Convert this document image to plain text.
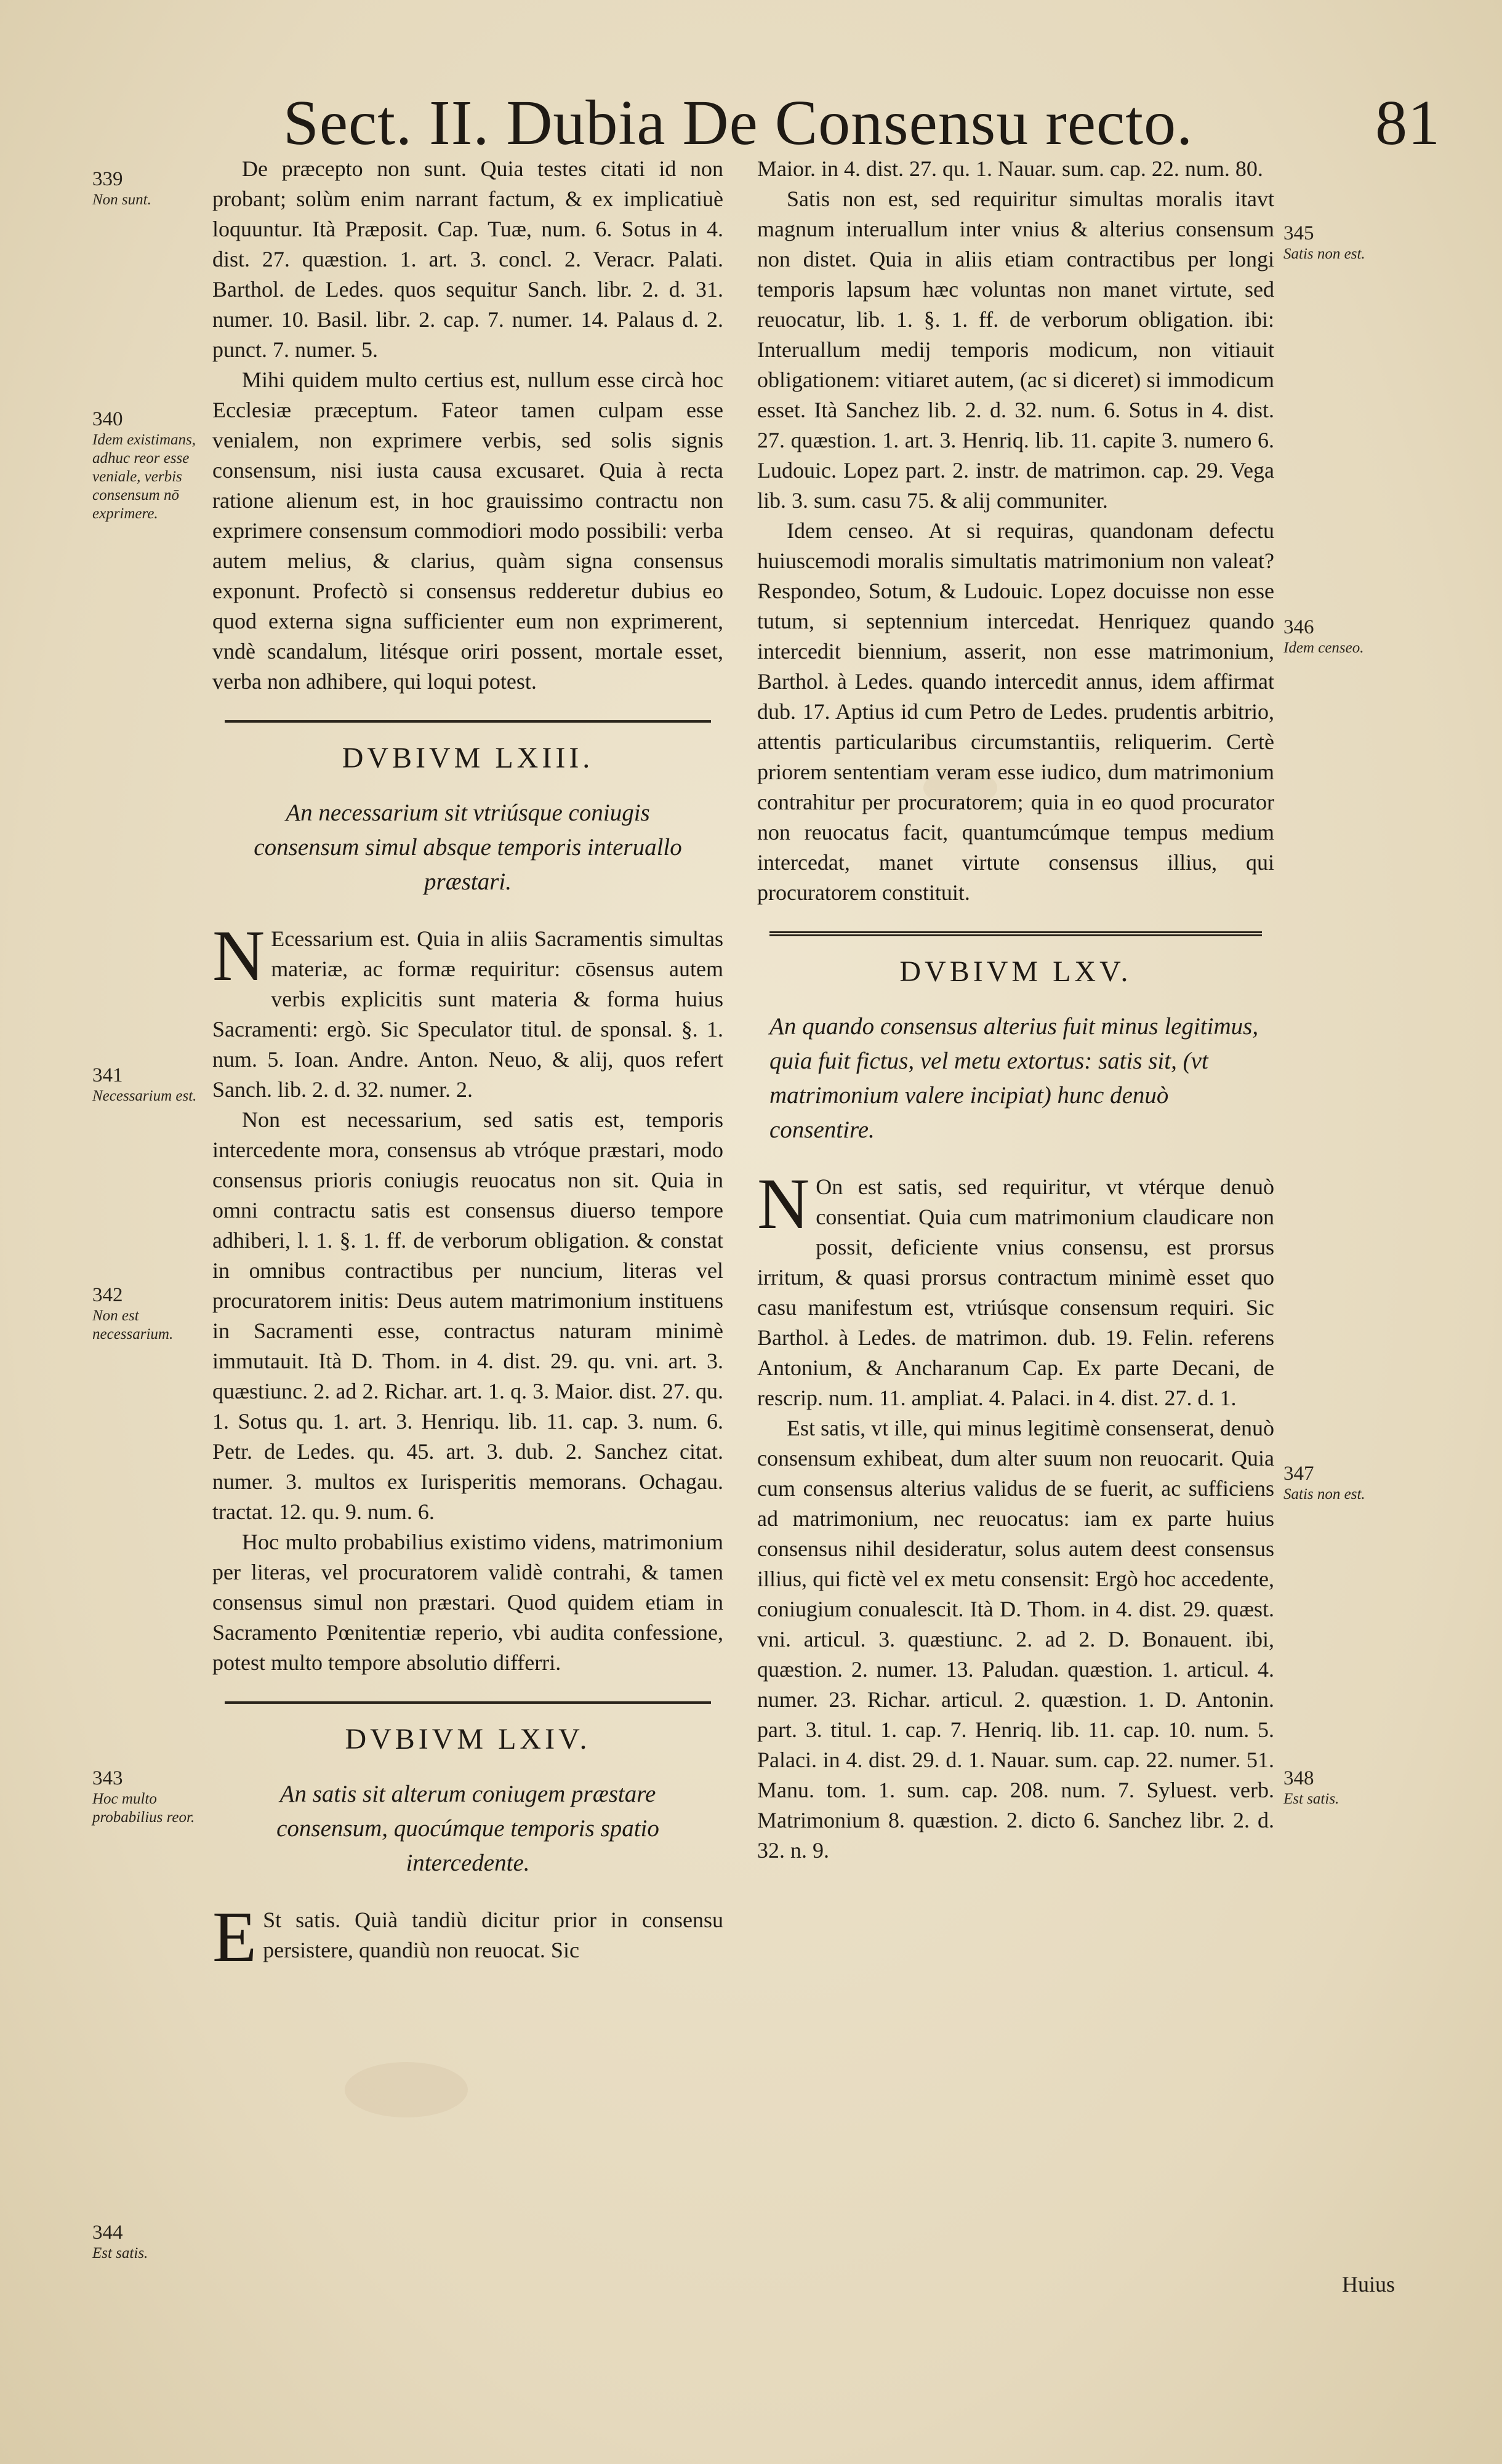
Sect. II. Dubia De Consensu recto.	81
339
Non sunt.
340
Idem existimans, adhuc reor esse veniale, verbis consensum nō exprimere.
341
Necessarium est.
342
Non est necessarium.
343
Hoc multo probabilius reor.
344
Est satis.
345
Satis non est.
346
Idem censeo.
347
Satis non est.
348
Est satis.

De præcepto non sunt. Quia testes citati id non probant; solùm enim narrant factum, & ex implicatiuè loquuntur. Ità Præposit. Cap. Tuæ, num. 6. Sotus in 4. dist. 27. quæstion. 1. art. 3. concl. 2. Veracr. Palati. Barthol. de Ledes. quos sequitur Sanch. libr. 2. d. 31. numer. 10. Basil. libr. 2. cap. 7. numer. 14. Palaus d. 2. punct. 7. numer. 5.

Mihi quidem multo certius est, nullum esse circà hoc Ecclesiæ præceptum. Fateor tamen culpam esse venialem, non exprimere verbis, sed solis signis consensum, nisi iusta causa excusaret. Quia à recta ratione alienum est, in hoc grauissimo contractu non exprimere consensum commodiori modo possibili: verba autem melius, & clarius, quàm signa consensus exponunt. Profectò si consensus redderetur dubius eo quod externa signa sufficienter eum non exprimerent, vndè scandalum, litésque oriri possent, mortale esset, verba non adhibere, qui loqui potest.

DVBIVM LXIII.
An necessarium sit vtriúsque coniugis consensum simul absque temporis interuallo præstari.

N Ecessarium est. Quia in aliis Sacramentis simultas materiæ, ac formæ requiritur: cōsensus autem verbis explicitis sunt materia & forma huius Sacramenti: ergò. Sic Speculator titul. de sponsal. §. 1. num. 5. Ioan. Andre. Anton. Neuo, & alij, quos refert Sanch. lib. 2. d. 32. numer. 2.

Non est necessarium, sed satis est, temporis intercedente mora, consensus ab vtróque præstari, modo consensus prioris coniugis reuocatus non sit. Quia in omni contractu satis est consensus diuerso tempore adhiberi, l. 1. §. 1. ff. de verborum obligation. & constat in omnibus contractibus per nuncium, literas vel procuratorem initis: Deus autem matrimonium instituens in Sacramenti esse, contractus naturam minimè immutauit. Ità D. Thom. in 4. dist. 29. qu. vni. art. 3. quæstiunc. 2. ad 2. Richar. art. 1. q. 3. Maior. dist. 27. qu. 1. Sotus qu. 1. art. 3. Henriqu. lib. 11. cap. 3. num. 6. Petr. de Ledes. qu. 45. art. 3. dub. 2. Sanchez citat. numer. 3. multos ex Iurisperitis memorans. Ochagau. tractat. 12. qu. 9. num. 6.

Hoc multo probabilius existimo videns, matrimonium per literas, vel procuratorem validè contrahi, & tamen consensus simul non præstari. Quod quidem etiam in Sacramento Pœnitentiæ reperio, vbi audita confessione, potest multo tempore absolutio differri.

DVBIVM LXIV.
An satis sit alterum coniugem præstare consensum, quocúmque temporis spatio intercedente.

E St satis. Quià tandiù dicitur prior in consensu persistere, quandiù non reuocat. Sic

Maior. in 4. dist. 27. qu. 1. Nauar. sum. cap. 22. num. 80.

Satis non est, sed requiritur simultas moralis itavt magnum interuallum inter vnius & alterius consensum non distet. Quia in aliis etiam contractibus per longi temporis lapsum hæc voluntas non manet virtute, sed reuocatur, lib. 1. §. 1. ff. de verborum obligation. ibi: Interuallum medij temporis modicum, non vitiauit obligationem: vitiaret autem, (ac si diceret) si immodicum esset. Ità Sanchez lib. 2. d. 32. num. 6. Sotus in 4. dist. 27. quæstion. 1. art. 3. Henriq. lib. 11. capite 3. numero 6. Ludouic. Lopez part. 2. instr. de matrimon. cap. 29. Vega lib. 3. sum. casu 75. & alij communiter.

Idem censeo. At si requiras, quandonam defectu huiuscemodi moralis simultatis matrimonium non valeat? Respondeo, Sotum, & Ludouic. Lopez docuisse non esse tutum, si septennium intercedat. Henriquez quando intercedit biennium, asserit, non esse matrimonium, Barthol. à Ledes. quando intercedit annus, idem affirmat dub. 17. Aptius id cum Petro de Ledes. prudentis arbitrio, attentis particularibus circumstantiis, reliquerim. Certè priorem sententiam veram esse iudico, dum matrimonium contrahitur per procuratorem; quia in eo quod procurator non reuocatus facit, quantumcúmque tempus medium intercedat, manet virtute consensus illius, qui procuratorem constituit.

DVBIVM LXV.
An quando consensus alterius fuit minus legitimus, quia fuit fictus, vel metu extortus: satis sit, (vt matrimonium valere incipiat) hunc denuò consentire.

N On est satis, sed requiritur, vt vtérque denuò consentiat. Quia cum matrimonium claudicare non possit, deficiente vnius consensu, est prorsus irritum, & quasi prorsus contractum minimè esset quo casu manifestum est, vtriúsque consensum requiri. Sic Barthol. à Ledes. de matrimon. dub. 19. Felin. referens Antonium, & Ancharanum Cap. Ex parte Decani, de rescrip. num. 11. ampliat. 4. Palaci. in 4. dist. 27. d. 1.

Est satis, vt ille, qui minus legitimè consenserat, denuò consensum exhibeat, dum alter suum non reuocarit. Quia cum consensus alterius validus de se fuerit, ac sufficiens ad matrimonium, nec reuocatus: iam ex parte huius consensus nihil desideratur, solus autem deest consensus illius, qui fictè vel ex metu consensit: Ergò hoc accedente, coniugium conualescit. Ità D. Thom. in 4. dist. 29. quæst. vni. articul. 3. quæstiunc. 2. ad 2. D. Bonauent. ibi, quæstion. 2. numer. 13. Paludan. quæstion. 1. articul. 4. numer. 23. Richar. articul. 2. quæstion. 1. D. Antonin. part. 3. titul. 1. cap. 7. Henriq. lib. 11. cap. 10. num. 5. Palaci. in 4. dist. 29. d. 1. Nauar. sum. cap. 22. numer. 51. Manu. tom. 1. sum. cap. 208. num. 7. Syluest. verb. Matrimonium 8. quæstion. 2. dicto 6. Sanchez libr. 2. d. 32. n. 9.

Huius
